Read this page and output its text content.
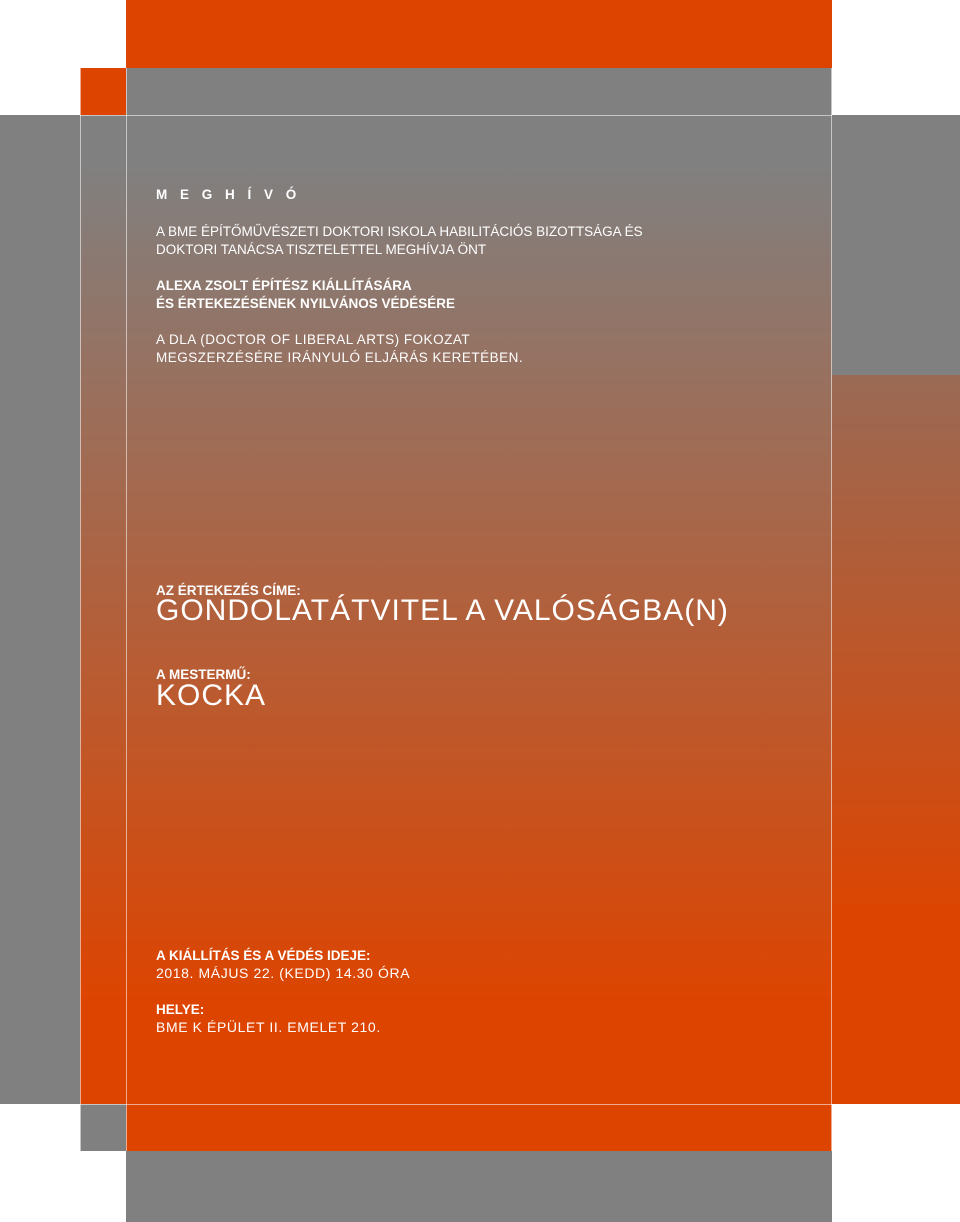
M E G H Í V Ó

A BME ÉPÍTŐMŰVÉSZETI DOKTORI ISKOLA HABILITÁCIÓS BIZOTTSÁGA ÉS

DOKTORI TANÁCSA TISZTELETTEL MEGHÍVJA ÖNT

ALEXA ZSOLT ÉPÍTÉSZ KIÁLLÍTÁSÁRA

ÉS ÉRTEKEZÉSÉNEK NYILVÁNOS VÉDÉSÉRE

A DLA (DOCTOR OF LIBERAL ARTS) FOKOZAT

MEGSZERZÉSÉRE IRÁNYULÓ ELJÁRÁS KERETÉBEN.

AZ ÉRTEKEZÉS CÍME:

GONDOLATÁTVITEL A VALÓSÁGBA(N)

A MESTERMŰ:

KOCKA

A KIÁLLÍTÁS ÉS A VÉDÉS IDEJE:

2018. MÁJUS 22. (KEDD) 14.30 ÓRA

HELYE:

BME K ÉPÜLET II. EMELET 210.
